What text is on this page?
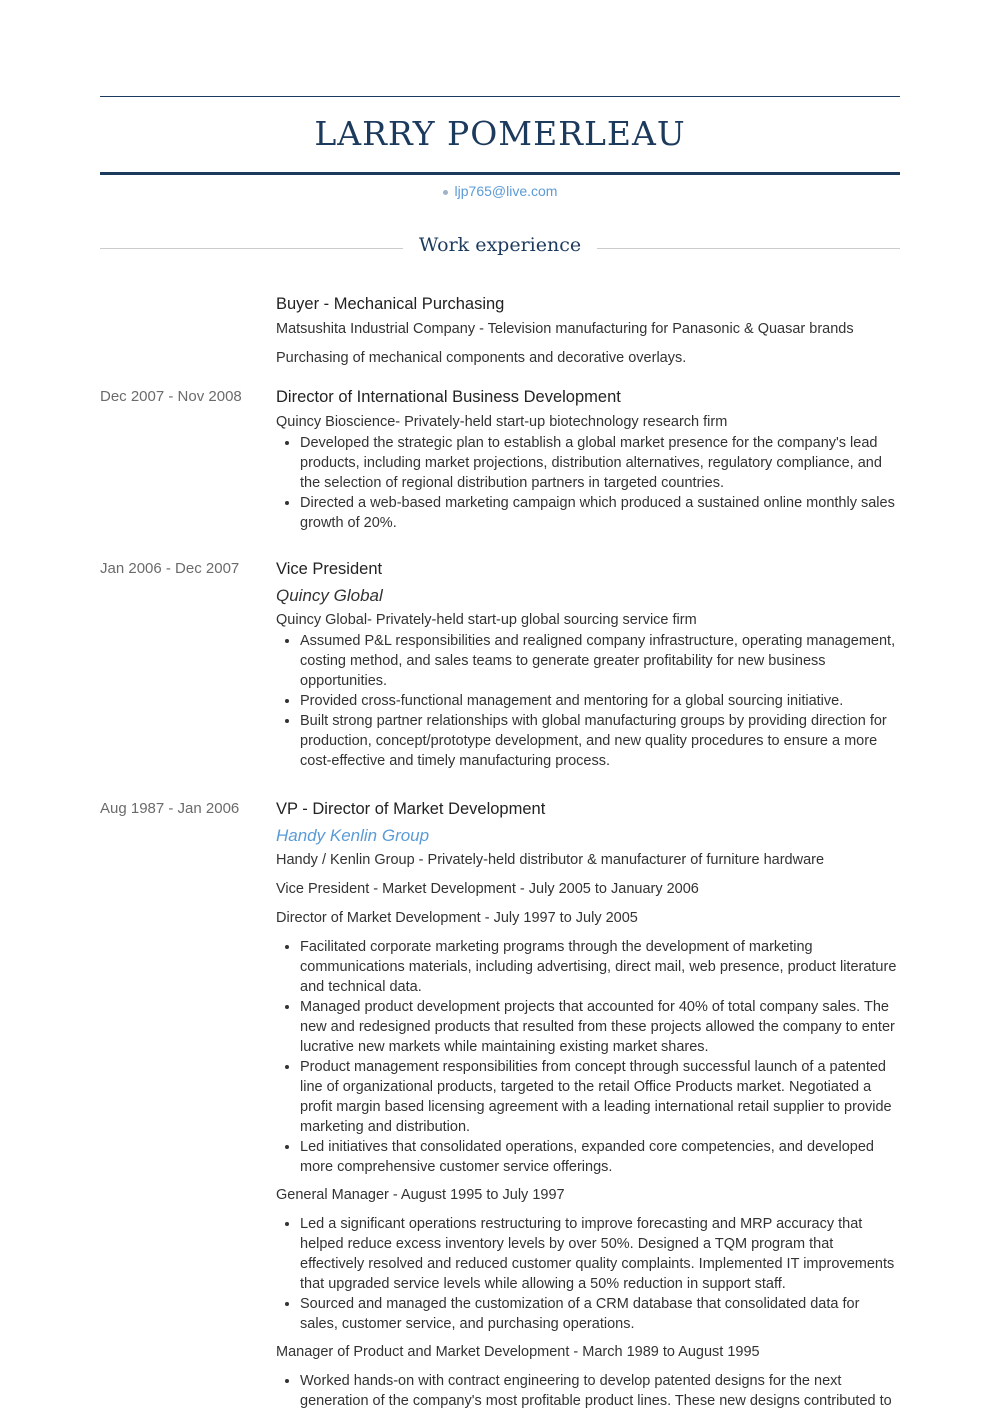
LARRY POMERLEAU
ljp765@live.com
Work experience
Buyer - Mechanical Purchasing
Matsushita Industrial Company - Television manufacturing for Panasonic & Quasar brands
Purchasing of mechanical components and decorative overlays.
Dec 2007 - Nov 2008	Director of International Business Development
Quincy Bioscience- Privately-held start-up biotechnology research firm
• Developed the strategic plan to establish a global market presence for the company's lead products, including market projections, distribution alternatives, regulatory compliance, and the selection of regional distribution partners in targeted countries.
• Directed a web-based marketing campaign which produced a sustained online monthly sales growth of 20%.
Jan 2006 - Dec 2007	Vice President
Quincy Global
Quincy Global- Privately-held start-up global sourcing service firm
• Assumed P&L responsibilities and realigned company infrastructure, operating management, costing method, and sales teams to generate greater profitability for new business opportunities.
• Provided cross-functional management and mentoring for a global sourcing initiative.
• Built strong partner relationships with global manufacturing groups by providing direction for production, concept/prototype development, and new quality procedures to ensure a more cost-effective and timely manufacturing process.
Aug 1987 - Jan 2006	VP - Director of Market Development
Handy Kenlin Group
Handy / Kenlin Group - Privately-held distributor & manufacturer of furniture hardware
Vice President - Market Development - July 2005 to January 2006
Director of Market Development - July 1997 to July 2005
• Facilitated corporate marketing programs through the development of marketing communications materials, including advertising, direct mail, web presence, product literature and technical data.
• Managed product development projects that accounted for 40% of total company sales. The new and redesigned products that resulted from these projects allowed the company to enter lucrative new markets while maintaining existing market shares.
• Product management responsibilities from concept through successful launch of a patented line of organizational products, targeted to the retail Office Products market. Negotiated a profit margin based licensing agreement with a leading international retail supplier to provide marketing and distribution.
• Led initiatives that consolidated operations, expanded core competencies, and developed more comprehensive customer service offerings.
General Manager - August 1995 to July 1997
• Led a significant operations restructuring to improve forecasting and MRP accuracy that helped reduce excess inventory levels by over 50%. Designed a TQM program that effectively resolved and reduced customer quality complaints. Implemented IT improvements that upgraded service levels while allowing a 50% reduction in support staff.
• Sourced and managed the customization of a CRM database that consolidated data for sales, customer service, and purchasing operations.
Manager of Product and Market Development - March 1989 to August 1995
• Worked hands-on with contract engineering to develop patented designs for the next generation of the company's most profitable product lines. These new designs contributed to
